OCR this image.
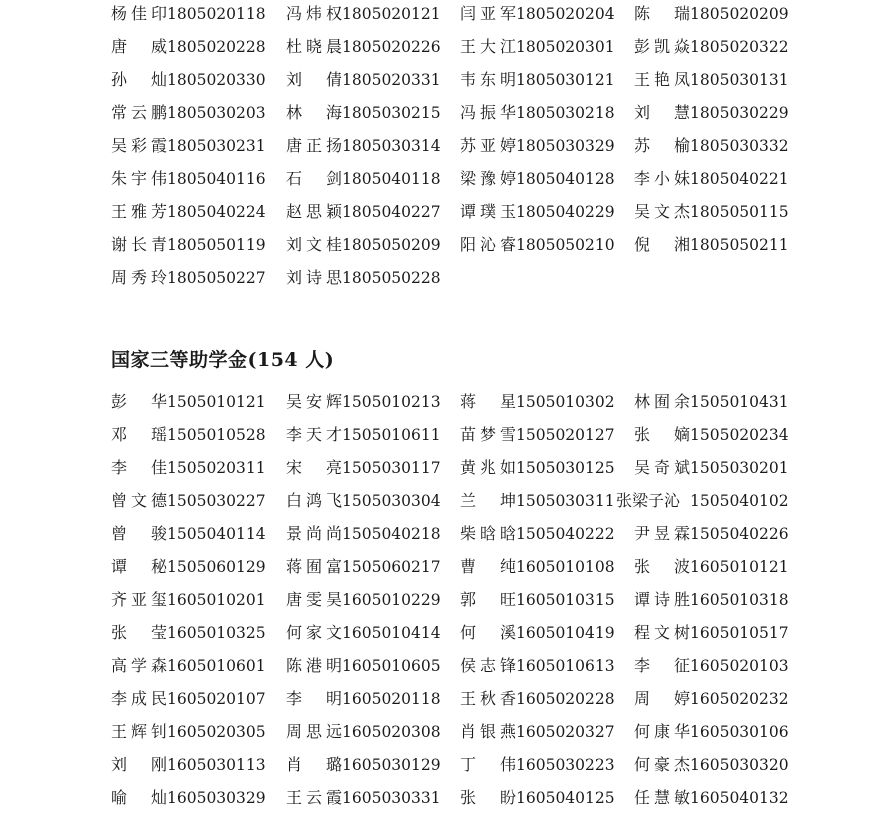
杨佳印1805020118 冯炜权1805020121 闫亚军1805020204 陈　瑞1805020209
唐　威1805020228 杜晓晨1805020226 王大江1805020301 彭凯焱1805020322
孙　灿1805020330 刘　倩1805020331 韦东明1805030121 王艳凤1805030131
常云鹏1805030203 林　海1805030215 冯振华1805030218 刘　慧1805030229
吴彩霞1805030231 唐正扬1805030314 苏亚婷1805030329 苏　榆1805030332
朱宇伟1805040116 石　剑1805040118 梁豫婷1805040128 李小妹1805040221
王雅芳1805040224 赵思颖1805040227 谭璞玉1805040229 吴文杰1805050115
谢长青1805050119 刘文桂1805050209 阳沁睿1805050210 倪　湘1805050211
周秀玲1805050227 刘诗思1805050228
国家三等助学金(154 人)
彭　华1505010121 吴安辉1505010213 蒋　星1505010302 林囿余1505010431
邓　瑶1505010528 李天才1505010611 苗梦雪1505020127 张　嫡1505020234
李　佳1505020311 宋　亮1505030117 黄兆如1505030125 吴奇斌1505030201
曾文德1505030227 白鸿飞1505030304 兰　坤1505030311 张梁子沁 1505040102
曾　骏1505040114 景尚尚1505040218 柴晗晗1505040222 尹昱霖1505040226
谭　秘1505060129 蒋囿富1505060217 曹　纯1605010108 张　波1605010121
齐亚玺1605010201 唐雯昊1605010229 郭　旺1605010315 谭诗胜1605010318
张　莹1605010325 何家文1605010414 何　溪1605010419 程文树1605010517
高学森1605010601 陈港明1605010605 侯志锋1605010613 李　征1605020103
李成民1605020107 李　明1605020118 王秋香1605020228 周　婷1605020232
王辉钊1605020305 周思远1605020308 肖银燕1605020327 何康华1605030106
刘　刚1605030113 肖　璐1605030129 丁　伟1605030223 何豪杰1605030320
喻　灿1605030329 王云霞1605030331 张　盼1605040125 任慧敏1605040132
